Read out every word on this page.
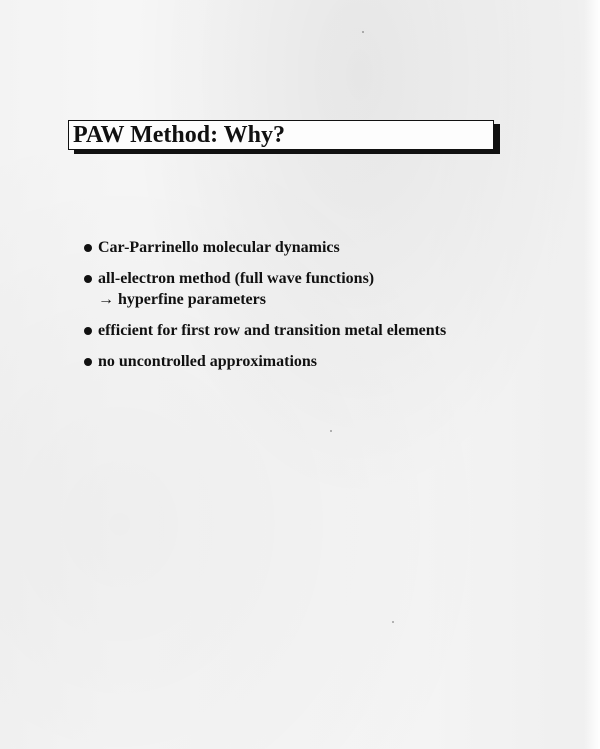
PAW Method: Why?
Car-Parrinello molecular dynamics
all-electron method (full wave functions)
→ hyperfine parameters
efficient for first row and transition metal elements
no uncontrolled approximations
